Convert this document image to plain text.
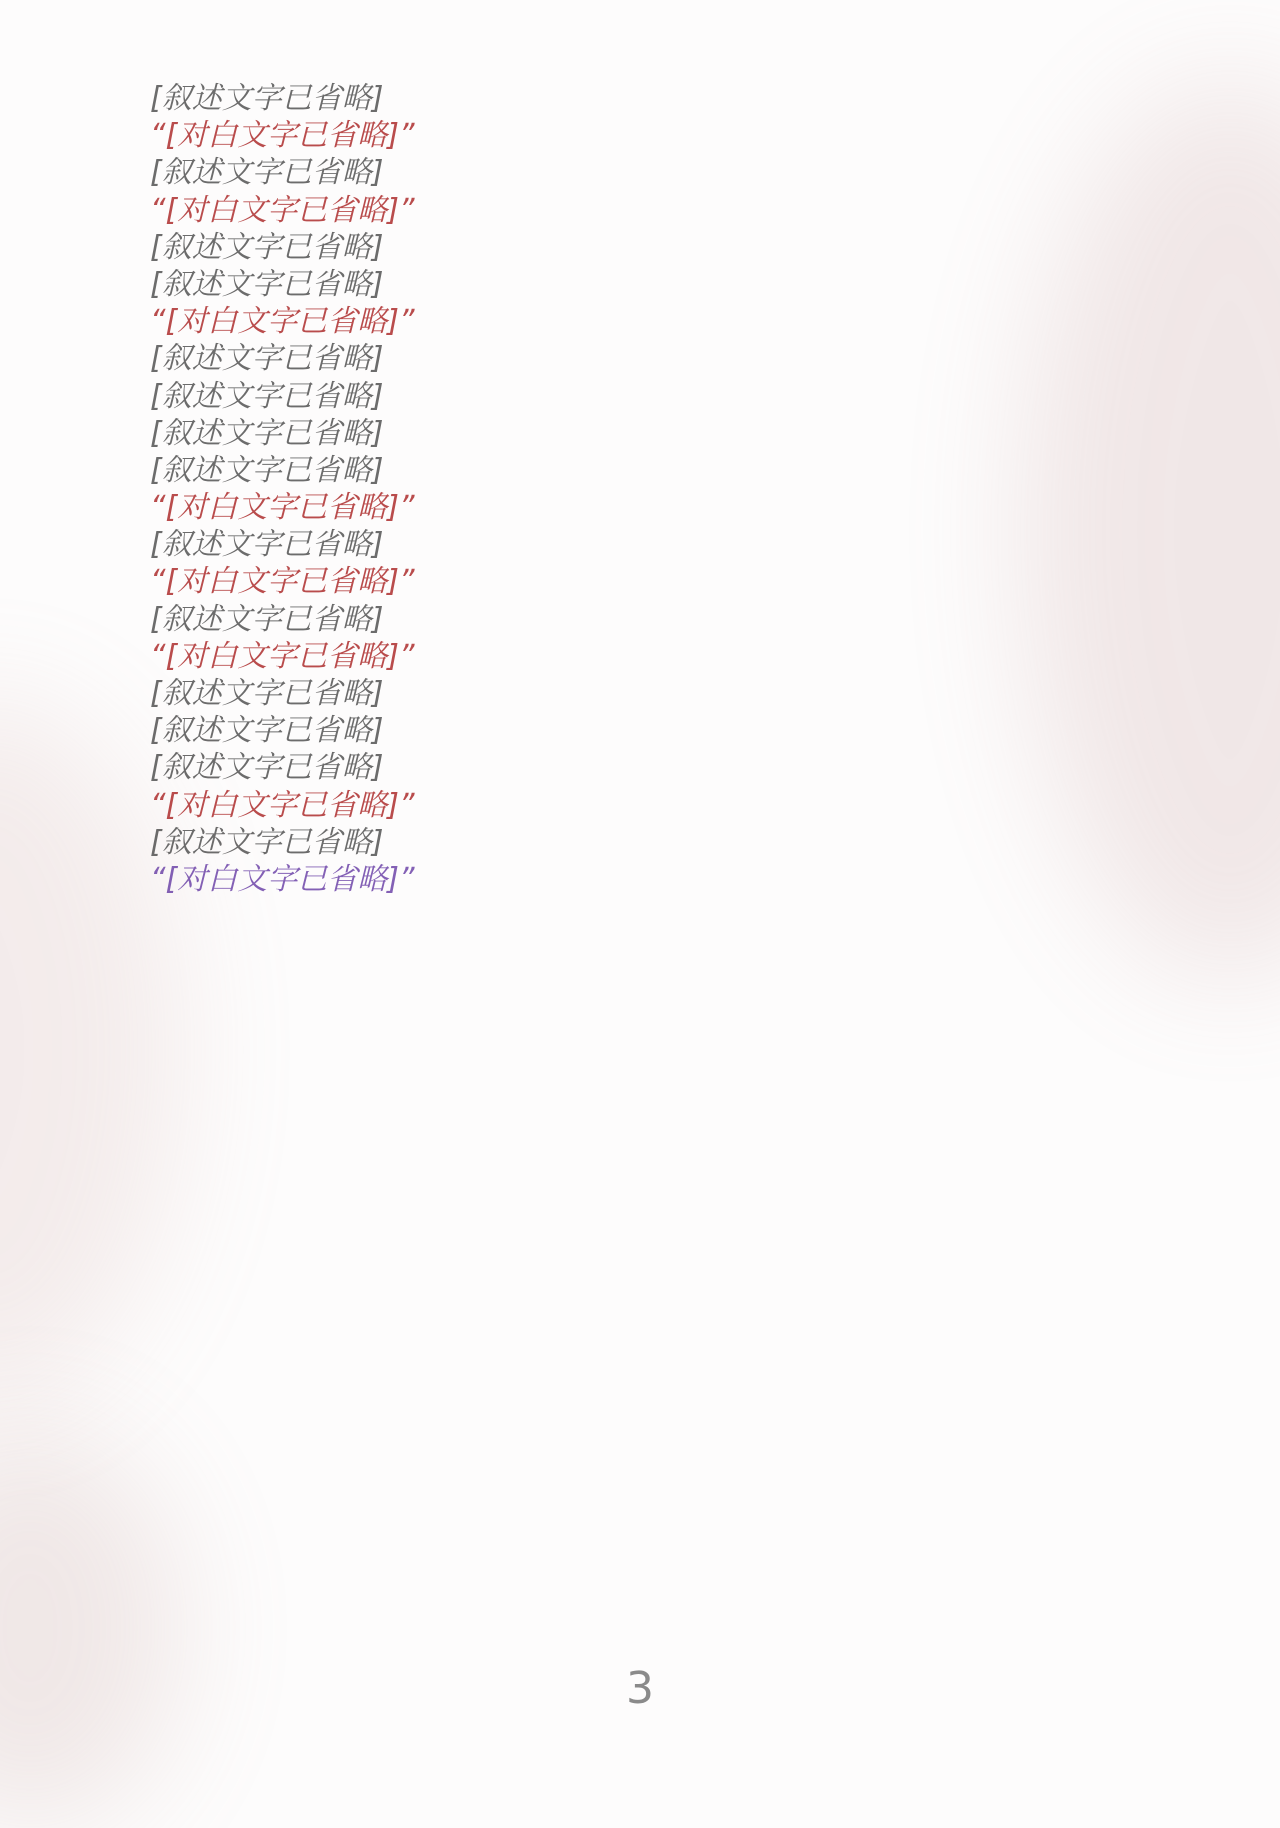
[叙述文字已省略]

“[对白文字已省略]”

[叙述文字已省略]

“[对白文字已省略]”

[叙述文字已省略]

[叙述文字已省略]

“[对白文字已省略]”

[叙述文字已省略]

[叙述文字已省略]

[叙述文字已省略]

[叙述文字已省略]

“[对白文字已省略]”

[叙述文字已省略]

“[对白文字已省略]”

[叙述文字已省略]

“[对白文字已省略]”

[叙述文字已省略]

[叙述文字已省略]

[叙述文字已省略]

“[对白文字已省略]”

[叙述文字已省略]

“[对白文字已省略]”

3
